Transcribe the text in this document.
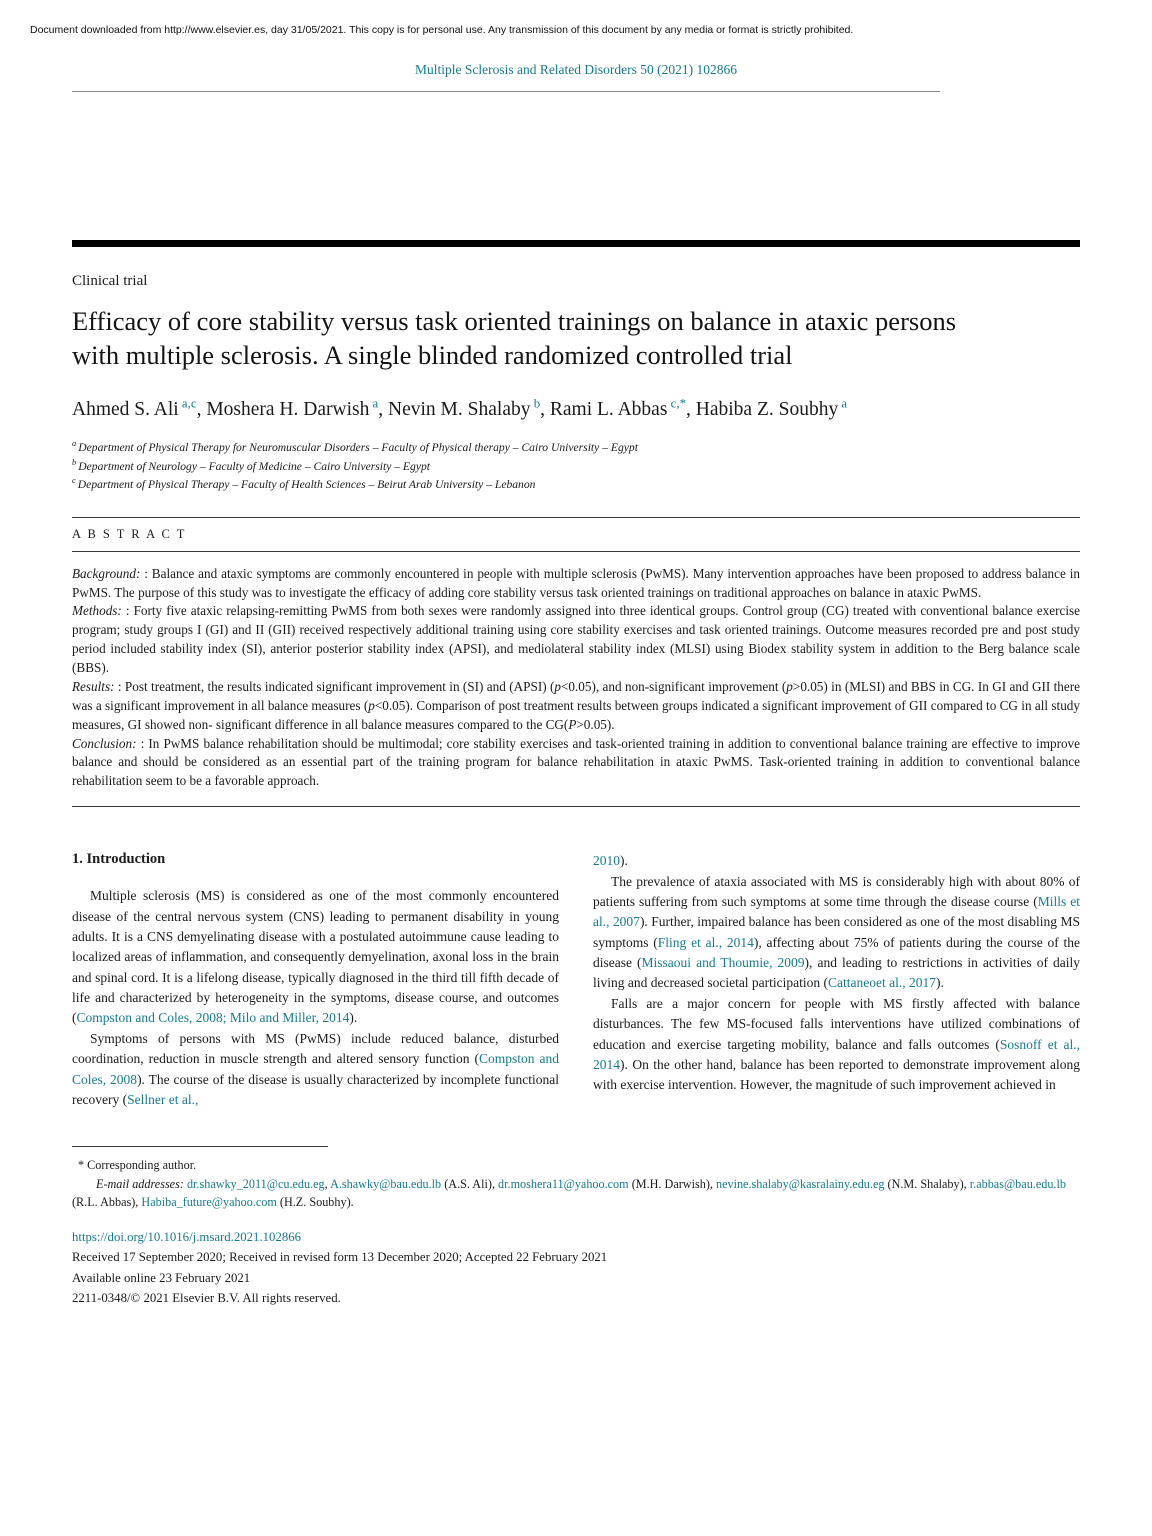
Document downloaded from http://www.elsevier.es, day 31/05/2021. This copy is for personal use. Any transmission of this document by any media or format is strictly prohibited.
Multiple Sclerosis and Related Disorders 50 (2021) 102866
Clinical trial
Efficacy of core stability versus task oriented trainings on balance in ataxic persons with multiple sclerosis. A single blinded randomized controlled trial
Ahmed S. Ali $^{a,c}$, Moshera H. Darwish $^a$, Nevin M. Shalaby $^b$, Rami L. Abbas $^{c,*}$, Habiba Z. Soubhy $^a$

$^a$ Department of Physical Therapy for Neuromuscular Disorders – Faculty of Physical therapy – Cairo University – Egypt

$^b$ Department of Neurology – Faculty of Medicine – Cairo University – Egypt

$^c$ Department of Physical Therapy – Faculty of Health Sciences – Beirut Arab University – Lebanon

A B S T R A C T

Background: : Balance and ataxic symptoms are commonly encountered in people with multiple sclerosis (PwMS). Many intervention approaches have been proposed to address balance in PwMS. The purpose of this study was to investigate the efficacy of adding core stability versus task oriented trainings on traditional approaches on balance in ataxic PwMS.

Methods: : Forty five ataxic relapsing-remitting PwMS from both sexes were randomly assigned into three identical groups. Control group (CG) treated with conventional balance exercise program; study groups I (GI) and II (GII) received respectively additional training using core stability exercises and task oriented trainings. Outcome measures recorded pre and post study period included stability index (SI), anterior posterior stability index (APSI), and mediolateral stability index (MLSI) using Biodex stability system in addition to the Berg balance scale (BBS).

Results: : Post treatment, the results indicated significant improvement in (SI) and (APSI) (p<0.05), and non-significant improvement (p>0.05) in (MLSI) and BBS in CG. In GI and GII there was a significant improvement in all balance measures (p<0.05). Comparison of post treatment results between groups indicated a significant improvement of GII compared to CG in all study measures, GI showed non- significant difference in all balance measures compared to the CG(P>0.05).

Conclusion: : In PwMS balance rehabilitation should be multimodal; core stability exercises and task-oriented training in addition to conventional balance training are effective to improve balance and should be considered as an essential part of the training program for balance rehabilitation in ataxic PwMS. Task-oriented training in addition to conventional balance rehabilitation seem to be a favorable approach.

1. Introduction

Multiple sclerosis (MS) is considered as one of the most commonly encountered disease of the central nervous system (CNS) leading to permanent disability in young adults. It is a CNS demyelinating disease with a postulated autoimmune cause leading to localized areas of inflammation, and consequently demyelination, axonal loss in the brain and spinal cord. It is a lifelong disease, typically diagnosed in the third till fifth decade of life and characterized by heterogeneity in the symptoms, disease course, and outcomes (Compston and Coles, 2008; Milo and Miller, 2014).

Symptoms of persons with MS (PwMS) include reduced balance, disturbed coordination, reduction in muscle strength and altered sensory function (Compston and Coles, 2008). The course of the disease is usually characterized by incomplete functional recovery (Sellner et al.,

2010).

The prevalence of ataxia associated with MS is considerably high with about 80% of patients suffering from such symptoms at some time through the disease course (Mills et al., 2007). Further, impaired balance has been considered as one of the most disabling MS symptoms (Fling et al., 2014), affecting about 75% of patients during the course of the disease (Missaoui and Thoumie, 2009), and leading to restrictions in activities of daily living and decreased societal participation (Cattaneoet al., 2017).

Falls are a major concern for people with MS firstly affected with balance disturbances. The few MS-focused falls interventions have utilized combinations of education and exercise targeting mobility, balance and falls outcomes (Sosnoff et al., 2014). On the other hand, balance has been reported to demonstrate improvement along with exercise intervention. However, the magnitude of such improvement achieved in

* Corresponding author.

E-mail addresses: dr.shawky_2011@cu.edu.eg, A.shawky@bau.edu.lb (A.S. Ali), dr.moshera11@yahoo.com (M.H. Darwish), nevine.shalaby@kasralainy.edu.eg (N.M. Shalaby), r.abbas@bau.edu.lb (R.L. Abbas), Habiba_future@yahoo.com (H.Z. Soubhy).

https://doi.org/10.1016/j.msard.2021.102866

Received 17 September 2020; Received in revised form 13 December 2020; Accepted 22 February 2021

Available online 23 February 2021

2211-0348/© 2021 Elsevier B.V. All rights reserved.
